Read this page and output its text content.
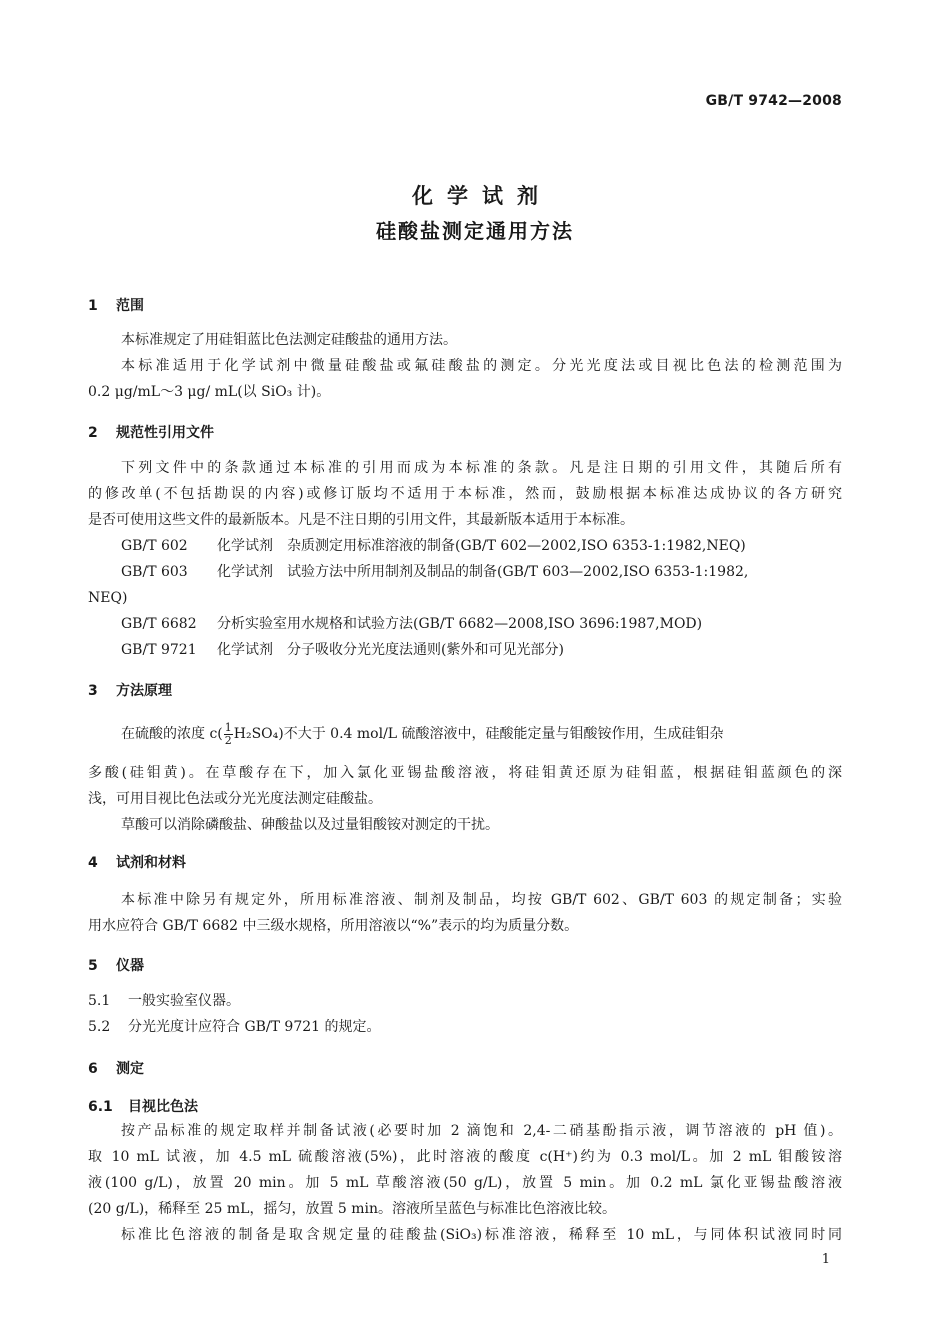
GB/T 9742—2008
化学试剂
硅酸盐测定通用方法
1 范围
本标准规定了用硅钼蓝比色法测定硅酸盐的通用方法。
本标准适用于化学试剂中微量硅酸盐或氟硅酸盐的测定。分光光度法或目视比色法的检测范围为
0.2 μg/mL～3 μg/ mL(以 SiO₃ 计)。
2 规范性引用文件
下列文件中的条款通过本标准的引用而成为本标准的条款。凡是注日期的引用文件，其随后所有
的修改单(不包括勘误的内容)或修订版均不适用于本标准，然而，鼓励根据本标准达成协议的各方研究
是否可使用这些文件的最新版本。凡是不注日期的引用文件，其最新版本适用于本标准。
GB/T 602 化学试剂　杂质测定用标准溶液的制备(GB/T 602—2002,ISO 6353-1:1982,NEQ)
GB/T 603 化学试剂　试验方法中所用制剂及制品的制备(GB/T 603—2002,ISO 6353-1:1982,
NEQ)
GB/T 6682 分析实验室用水规格和试验方法(GB/T 6682—2008,ISO 3696:1987,MOD)
GB/T 9721 化学试剂　分子吸收分光光度法通则(紫外和可见光部分)
3 方法原理
在硫酸的浓度 $c( \frac{1}{2} H_2SO_4)$不大于 0.4 mol/L 硫酸溶液中，硅酸能定量与钼酸铵作用，生成硅钼杂
多酸(硅钼黄)。在草酸存在下，加入氯化亚锡盐酸溶液，将硅钼黄还原为硅钼蓝，根据硅钼蓝颜色的深
浅，可用目视比色法或分光光度法测定硅酸盐。
草酸可以消除磷酸盐、砷酸盐以及过量钼酸铵对测定的干扰。
4 试剂和材料
本标准中除另有规定外，所用标准溶液、制剂及制品，均按 GB/T 602、GB/T 603 的规定制备；实验
用水应符合 GB/T 6682 中三级水规格，所用溶液以“%”表示的均为质量分数。
5 仪器
5.1 一般实验室仪器。
5.2 分光光度计应符合 GB/T 9721 的规定。
6 测定
6.1 目视比色法
按产品标准的规定取样并制备试液(必要时加 2 滴饱和 2,4-二硝基酚指示液，调节溶液的 pH 值)。
取 10 mL 试液，加 4.5 mL 硫酸溶液(5%)，此时溶液的酸度 c(H⁺)约为 0.3 mol/L。加 2 mL 钼酸铵溶
液(100 g/L)，放置 20 min。加 5 mL 草酸溶液(50 g/L)，放置 5 min。加 0.2 mL 氯化亚锡盐酸溶液
(20 g/L)，稀释至 25 mL，摇匀，放置 5 min。溶液所呈蓝色与标准比色溶液比较。
标准比色溶液的制备是取含规定量的硅酸盐(SiO₃)标准溶液，稀释至 10 mL，与同体积试液同时同
1
